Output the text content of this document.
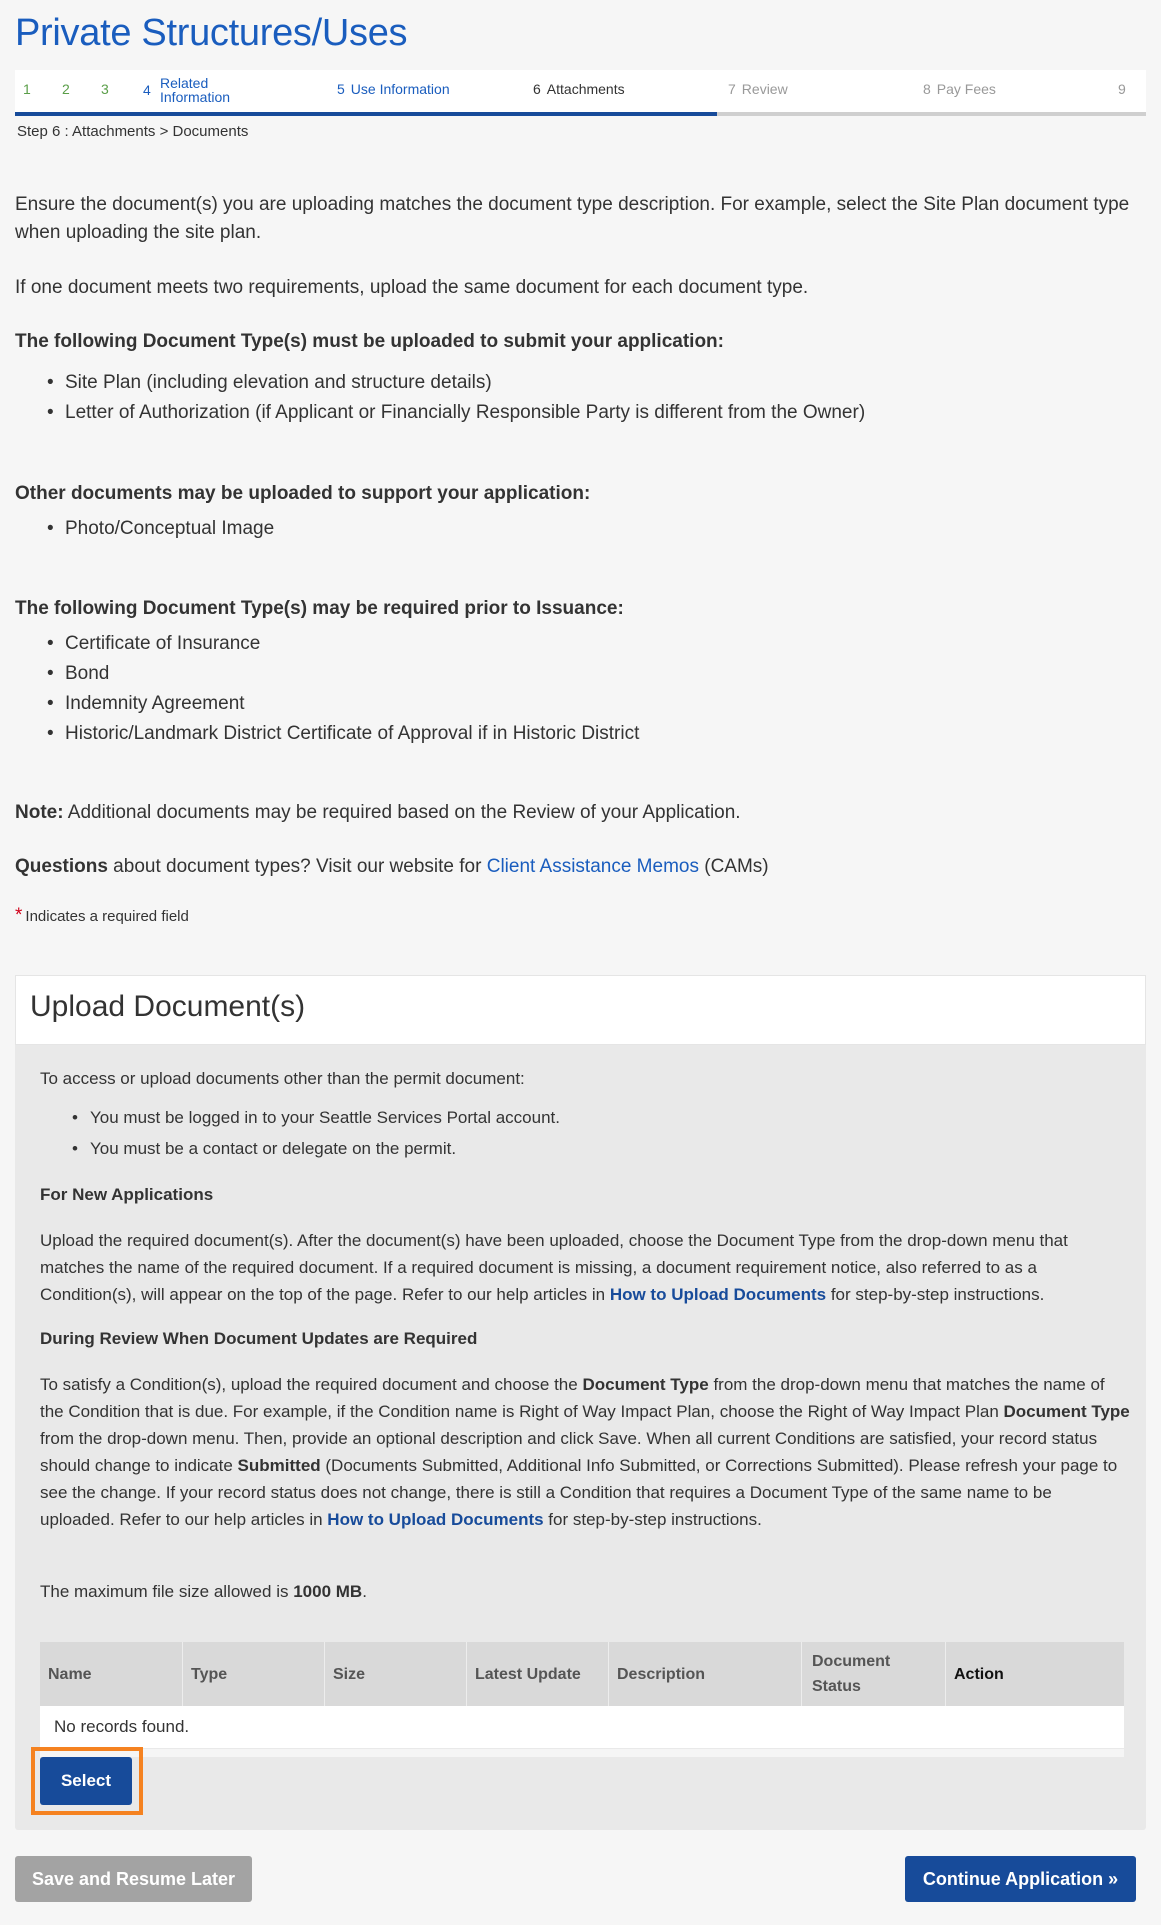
Private Structures/Uses
1 2 3 4 Related
Information	5 Use Information	6 Attachments	7 Review	8 Pay Fees	9
Step 6 : Attachments > Documents

Ensure the document(s) you are uploading matches the document type description. For example, select the Site Plan document type when uploading the site plan.

If one document meets two requirements, upload the same document for each document type.

The following Document Type(s) must be uploaded to submit your application:

• Site Plan (including elevation and structure details)
• Letter of Authorization (if Applicant or Financially Responsible Party is different from the Owner)

Other documents may be uploaded to support your application:

• Photo/Conceptual Image

The following Document Type(s) may be required prior to Issuance:

• Certificate of Insurance
• Bond
• Indemnity Agreement
• Historic/Landmark District Certificate of Approval if in Historic District

Note: Additional documents may be required based on the Review of your Application.

Questions about document types? Visit our website for Client Assistance Memos (CAMs)

* Indicates a required field

Upload Document(s)

To access or upload documents other than the permit document:

• You must be logged in to your Seattle Services Portal account.
• You must be a contact or delegate on the permit.

For New Applications

Upload the required document(s). After the document(s) have been uploaded, choose the Document Type from the drop-down menu that matches the name of the required document. If a required document is missing, a document requirement notice, also referred to as a Condition(s), will appear on the top of the page. Refer to our help articles in How to Upload Documents for step-by-step instructions.

During Review When Document Updates are Required

To satisfy a Condition(s), upload the required document and choose the Document Type from the drop-down menu that matches the name of the Condition that is due. For example, if the Condition name is Right of Way Impact Plan, choose the Right of Way Impact Plan Document Type from the drop-down menu. Then, provide an optional description and click Save. When all current Conditions are satisfied, your record status should change to indicate Submitted (Documents Submitted, Additional Info Submitted, or Corrections Submitted). Please refresh your page to see the change. If your record status does not change, there is still a Condition that requires a Document Type of the same name to be uploaded. Refer to our help articles in How to Upload Documents for step-by-step instructions.

The maximum file size allowed is 1000 MB.

Name	Type	Size	Latest Update	Description	Document
Status	Action
No records found.
Select
Save and Resume Later	Continue Application »
